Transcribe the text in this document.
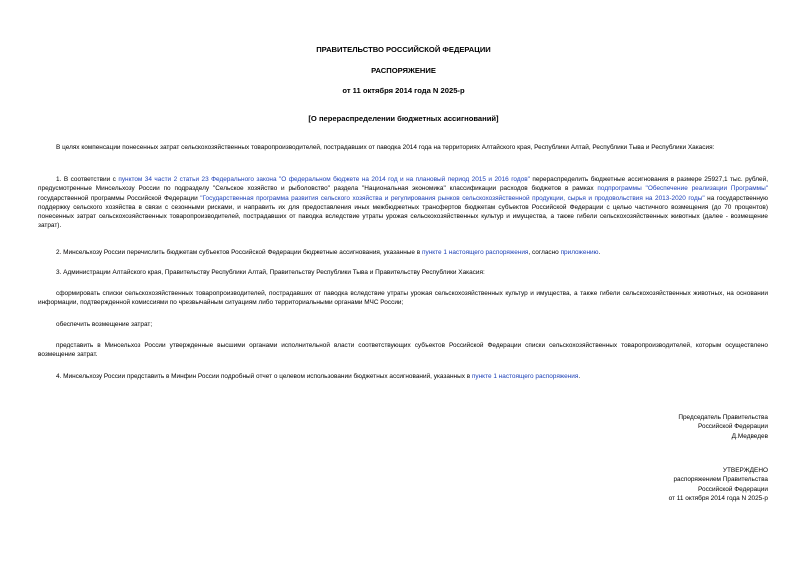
ПРАВИТЕЛЬСТВО РОССИЙСКОЙ ФЕДЕРАЦИИ
РАСПОРЯЖЕНИЕ
от 11 октября 2014 года N 2025-р
[О перераспределении бюджетных ассигнований]

В целях компенсации понесенных затрат сельскохозяйственных товаропроизводителей, пострадавших от паводка 2014 года на территориях Алтайского края, Республики Алтай, Республики Тыва и Республики Хакасия:

1. В соответствии с пунктом 34 части 2 статьи 23 Федерального закона "О федеральном бюджете на 2014 год и на плановый период 2015 и 2016 годов" перераспределить бюджетные ассигнования в размере 25927,1 тыс. рублей, предусмотренные Минсельхозу России по подразделу "Сельское хозяйство и рыболовство" раздела "Национальная экономика" классификации расходов бюджетов в рамках подпрограммы "Обеспечение реализации Программы" государственной программы Российской Федерации "Государственная программа развития сельского хозяйства и регулирования рынков сельскохозяйственной продукции, сырья и продовольствия на 2013-2020 годы" на государственную поддержку сельского хозяйства в связи с сезонными рисками, и направить их для предоставления иных межбюджетных трансфертов бюджетам субъектов Российской Федерации с целью частичного возмещения (до 70 процентов) понесенных затрат сельскохозяйственных товаропроизводителей, пострадавших от паводка вследствие утраты урожая сельскохозяйственных культур и имущества, а также гибели сельскохозяйственных животных (далее - возмещение затрат).

2. Минсельхозу России перечислить бюджетам субъектов Российской Федерации бюджетные ассигнования, указанные в пункте 1 настоящего распоряжения, согласно приложению.

3. Администрации Алтайского края, Правительству Республики Алтай, Правительству Республики Тыва и Правительству Республики Хакасия:

сформировать списки сельскохозяйственных товаропроизводителей, пострадавших от паводка вследствие утраты урожая сельскохозяйственных культур и имущества, а также гибели сельскохозяйственных животных, на основании информации, подтвержденной комиссиями по чрезвычайным ситуациям либо территориальными органами МЧС России;

обеспечить возмещение затрат;

представить в Минсельхоз России утвержденные высшими органами исполнительной власти соответствующих субъектов Российской Федерации списки сельскохозяйственных товаропроизводителей, которым осуществлено возмещение затрат.

4. Минсельхозу России представить в Минфин России подробный отчет о целевом использовании бюджетных ассигнований, указанных в пункте 1 настоящего распоряжения.

Председатель Правительства
Российской Федерации
Д.Медведев
УТВЕРЖДЕНО
распоряжением Правительства
Российской Федерации
от 11 октября 2014 года N 2025-р
